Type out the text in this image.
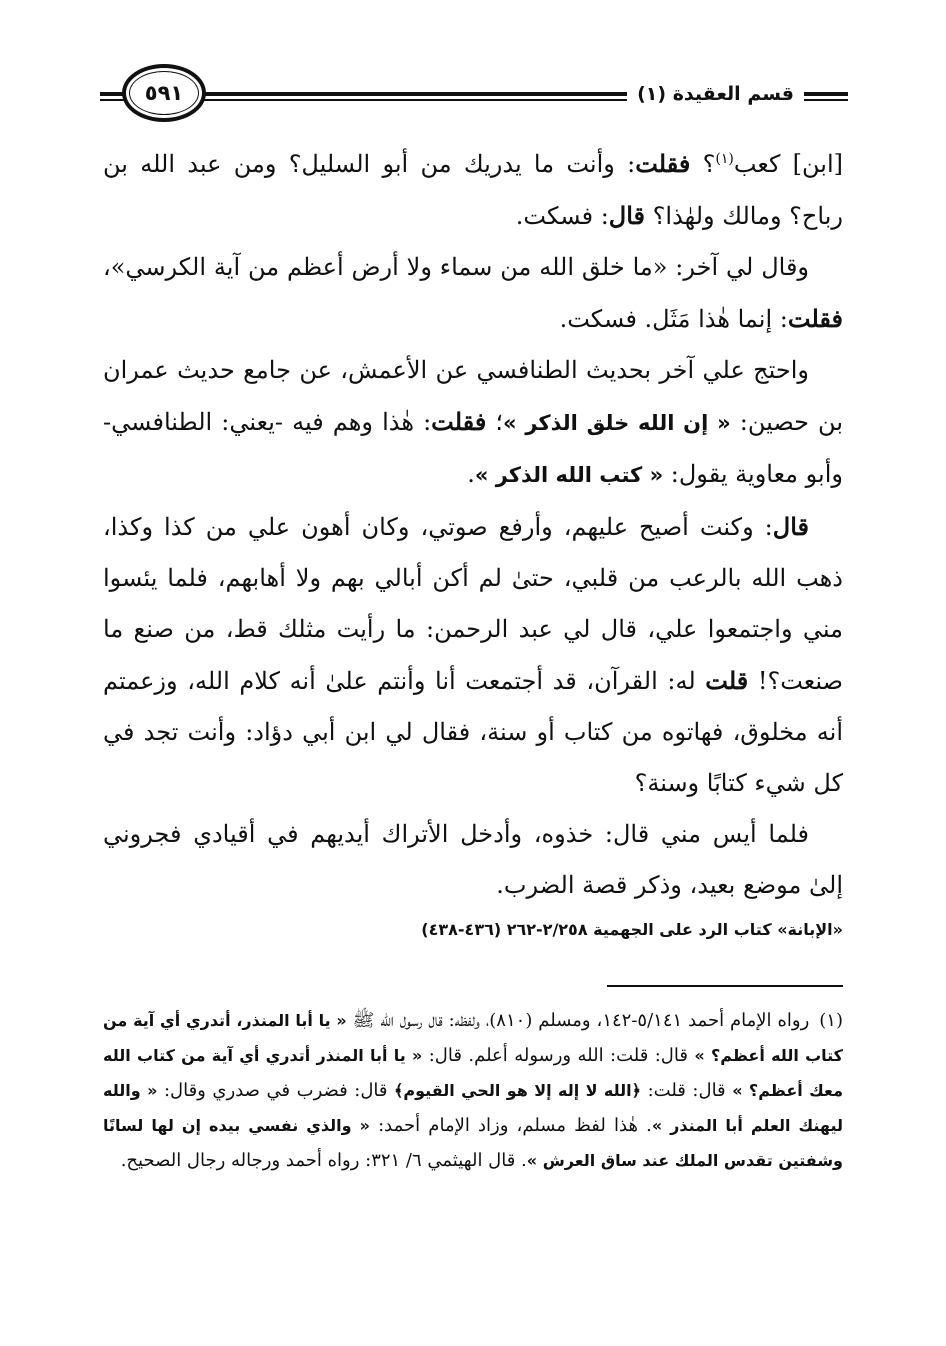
٥٩١	قسم العقيدة (١)

[ابن] كعب$^{(١)}$؟ فقلت: وأنت ما يدريك من أبو السليل؟ ومن عبد الله بن رباح؟ ومالك ولهٰذا؟ قال: فسكت.

وقال لي آخر: «ما خلق الله من سماء ولا أرض أعظم من آية الكرسي»، فقلت: إنما هٰذا مَثَل. فسكت.

واحتج علي آخر بحديث الطنافسي عن الأعمش، عن جامع حديث عمران بن حصين: « إن الله خلق الذكر »؛ فقلت: هٰذا وهم فيه -يعني: الطنافسي- وأبو معاوية يقول: « كتب الله الذكر ».

قال: وكنت أصيح عليهم، وأرفع صوتي، وكان أهون علي من كذا وكذا، ذهب الله بالرعب من قلبي، حتىٰ لم أكن أبالي بهم ولا أهابهم، فلما يئسوا مني واجتمعوا علي، قال لي عبد الرحمن: ما رأيت مثلك قط، من صنع ما صنعت؟! قلت له: القرآن، قد أجتمعت أنا وأنتم علىٰ أنه كلام الله، وزعمتم أنه مخلوق، فهاتوه من كتاب أو سنة، فقال لي ابن أبي دؤاد: وأنت تجد في كل شيء كتابًا وسنة؟

فلما أيس مني قال: خذوه، وأدخل الأتراك أيديهم في أقيادي فجروني إلىٰ موضع بعيد، وذكر قصة الضرب.

«الإبانة» كتاب الرد على الجهمية ٢/٢٥٨-٢٦٢ (٤٣٦-٤٣٨)

(١)رواه الإمام أحمد ٥/١٤١-١٤٢، ومسلم (٨١٠)، ولفظه: قال رسول الله ﷺ « يا أبا المنذر، أتدري أي آية من كتاب الله أعظم؟ » قال: قلت: الله ورسوله أعلم. قال: « يا أبا المنذر أتدري أي آية من كتاب الله معك أعظم؟ » قال: قلت: ﴿الله لا إله إلا هو الحي القيوم﴾ قال: فضرب في صدري وقال: « والله ليهنك العلم أبا المنذر ». هٰذا لفظ مسلم، وزاد الإمام أحمد: « والذي نفسي بيده إن لها لسانًا وشفتين تقدس الملك عند ساق العرش ». قال الهيثمي ٦/ ٣٢١: رواه أحمد ورجاله رجال الصحيح.
